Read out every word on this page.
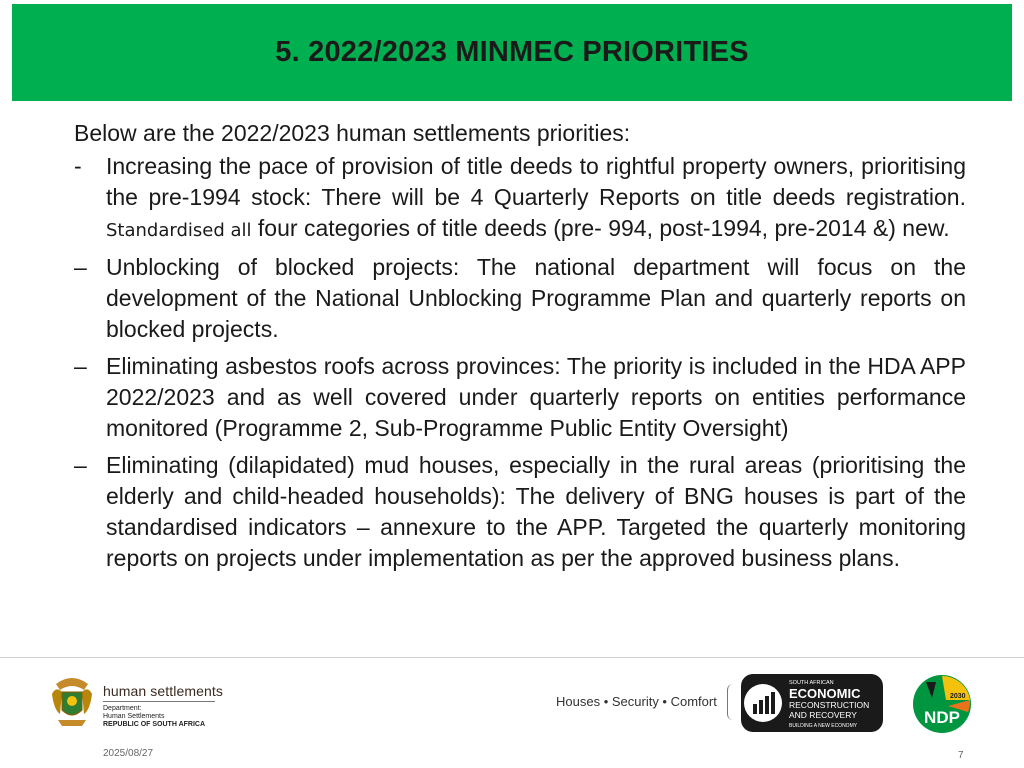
5. 2022/2023 MINMEC PRIORITIES

Below are the 2022/2023 human settlements priorities:

- Increasing the pace of provision of title deeds to rightful property owners, prioritising the pre-1994 stock: There will be 4 Quarterly Reports on title deeds registration. Standardised all four categories of title deeds (pre- 994, post-1994, pre-2014 &) new.
– Unblocking of blocked projects: The national department will focus on the development of the National Unblocking Programme Plan and quarterly reports on blocked projects.
– Eliminating asbestos roofs across provinces: The priority is included in the HDA APP 2022/2023 and as well covered under quarterly reports on entities performance monitored (Programme 2, Sub-Programme Public Entity Oversight)
– Eliminating (dilapidated) mud houses, especially in the rural areas (prioritising the elderly and child-headed households): The delivery of BNG houses is part of the standardised indicators – annexure to the APP. Targeted the quarterly monitoring reports on projects under implementation as per the approved business plans.
human settlements
Department:
Human Settlements
REPUBLIC OF SOUTH AFRICA
Houses • Security • Comfort
SOUTH AFRICAN
ECONOMIC
RECONSTRUCTION
AND RECOVERY
BUILDING A NEW ECONOMY
2030
NDP
2025/08/27	7
